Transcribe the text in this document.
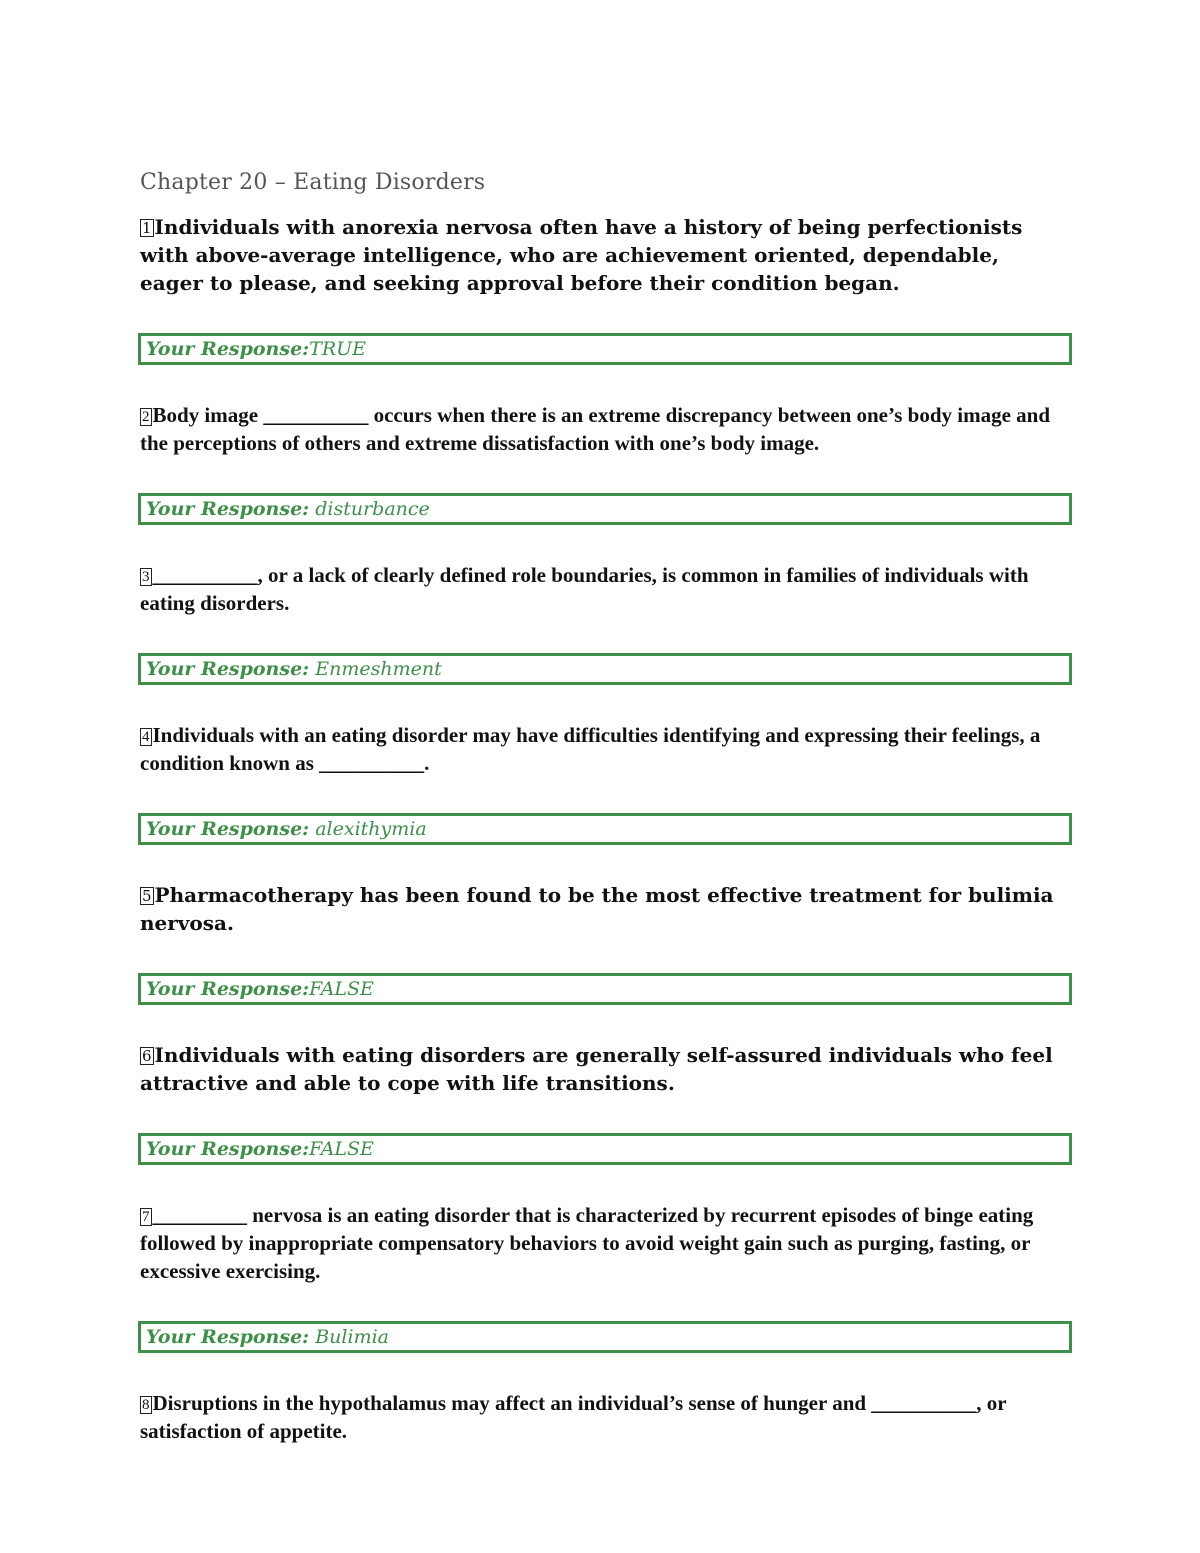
Chapter 20 – Eating Disorders

1 Individuals with anorexia nervosa often have a history of being perfectionists with above-average intelligence, who are achievement oriented, dependable, eager to please, and seeking approval before their condition began.

Your Response:TRUE

2 Body image __________ occurs when there is an extreme discrepancy between one’s body image and the perceptions of others and extreme dissatisfaction with one’s body image.

Your Response: disturbance

3 __________, or a lack of clearly defined role boundaries, is common in families of individuals with eating disorders.

Your Response: Enmeshment

4 Individuals with an eating disorder may have difficulties identifying and expressing their feelings, a condition known as __________.

Your Response: alexithymia

5 Pharmacotherapy has been found to be the most effective treatment for bulimia nervosa.

Your Response:FALSE

6 Individuals with eating disorders are generally self-assured individuals who feel attractive and able to cope with life transitions.

Your Response:FALSE

7 _________ nervosa is an eating disorder that is characterized by recurrent episodes of binge eating followed by inappropriate compensatory behaviors to avoid weight gain such as purging, fasting, or excessive exercising.

Your Response: Bulimia

8 Disruptions in the hypothalamus may affect an individual’s sense of hunger and __________, or satisfaction of appetite.
